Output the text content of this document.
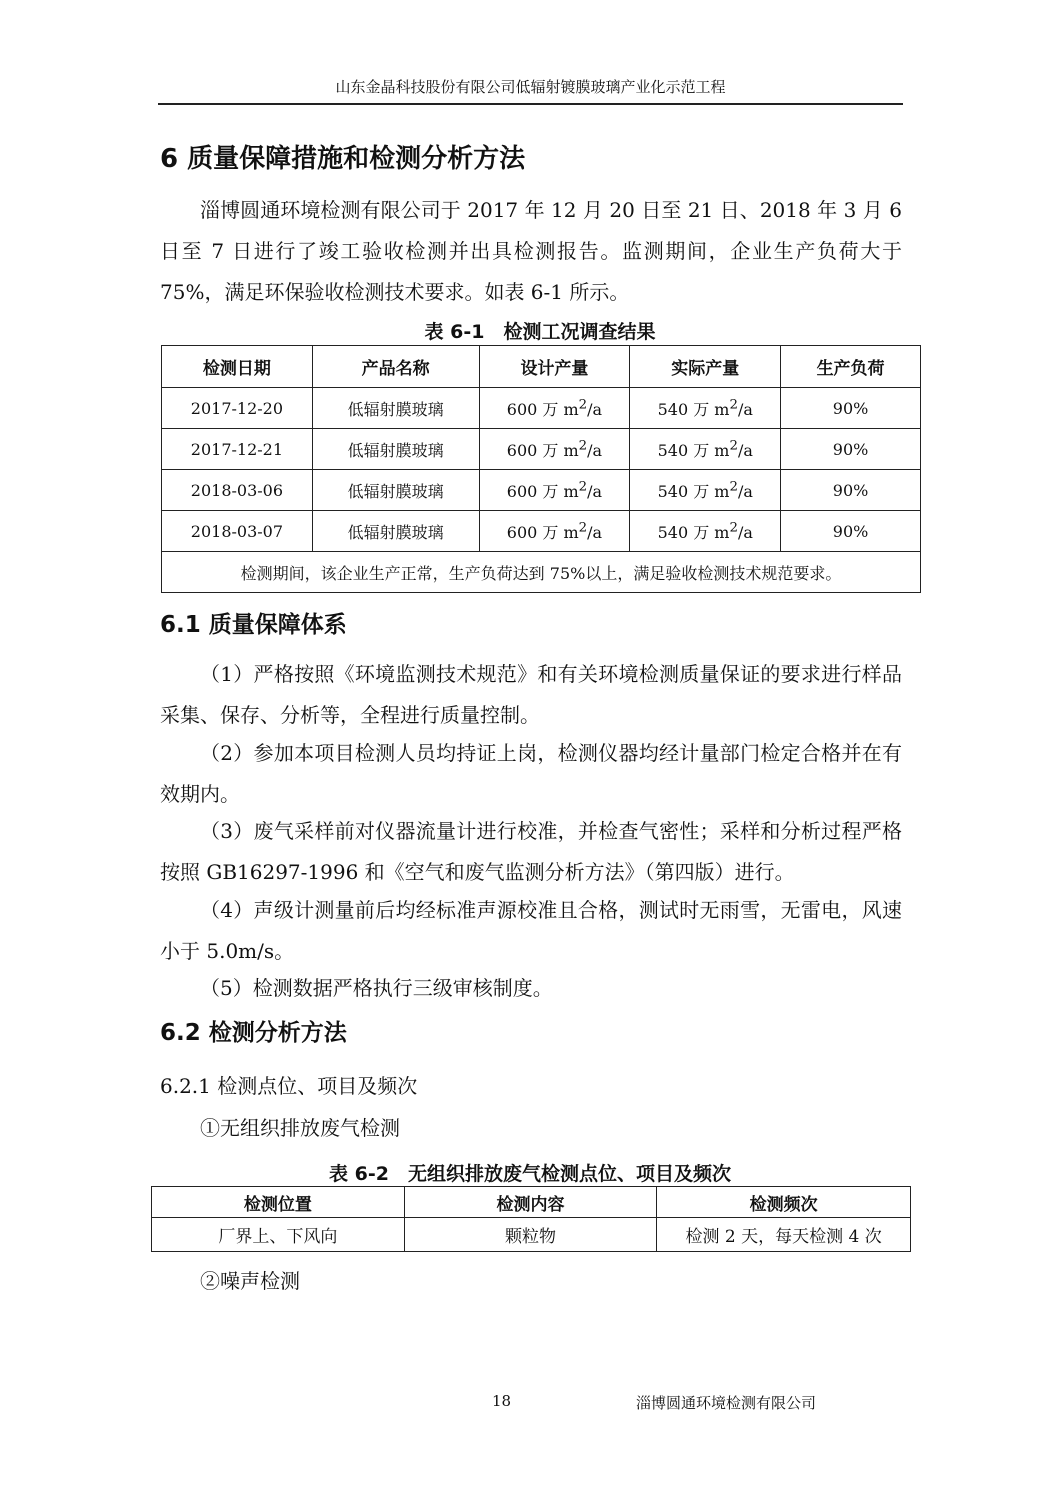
山东金晶科技股份有限公司低辐射镀膜玻璃产业化示范工程
6 质量保障措施和检测分析方法

淄博圆通环境检测有限公司于 2017 年 12 月 20 日至 21 日、2018 年 3 月 6 日至 7 日进行了竣工验收检测并出具检测报告。监测期间，企业生产负荷大于 75%，满足环保验收检测技术要求。如表 6-1 所示。

表 6-1　检测工况调查结果
检测日期	产品名称	设计产量	实际产量	生产负荷
2017-12-20	低辐射膜玻璃	600 万 $m^2/a$	540 万 $m^2/a$	90%
2017-12-21	低辐射膜玻璃	600 万 $m^2/a$	540 万 $m^2/a$	90%
2018-03-06	低辐射膜玻璃	600 万 $m^2/a$	540 万 $m^2/a$	90%
2018-03-07	低辐射膜玻璃	600 万 $m^2/a$	540 万 $m^2/a$	90%
检测期间，该企业生产正常，生产负荷达到 75%以上，满足验收检测技术规范要求。				
6.1 质量保障体系

（1）严格按照《环境监测技术规范》和有关环境检测质量保证的要求进行样品采集、保存、分析等，全程进行质量控制。

（2）参加本项目检测人员均持证上岗，检测仪器均经计量部门检定合格并在有效期内。

（3）废气采样前对仪器流量计进行校准，并检查气密性；采样和分析过程严格按照 GB16297-1996 和《空气和废气监测分析方法》（第四版）进行。

（4）声级计测量前后均经标准声源校准且合格，测试时无雨雪，无雷电，风速小于 5.0m/s。

（5）检测数据严格执行三级审核制度。

6.2 检测分析方法

6.2.1 检测点位、项目及频次

①无组织排放废气检测

表 6-2　无组织排放废气检测点位、项目及频次
检测位置	检测内容	检测频次
厂界上、下风向	颗粒物	检测 2 天，每天检测 4 次

②噪声检测

18	淄博圆通环境检测有限公司
